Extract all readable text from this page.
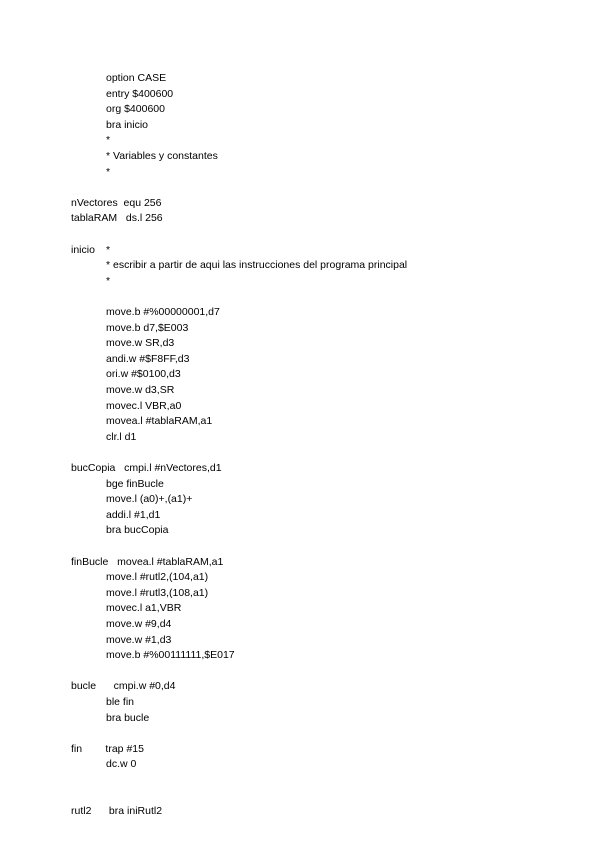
option CASE
entry $400600
org $400600
bra inicio
*
* Variables y constantes
*
nVectores  equ 256
tablaRAM   ds.l 256
inicio *
* escribir a partir de aqui las instrucciones del programa principal
*
move.b #%00000001,d7
move.b d7,$E003
move.w SR,d3
andi.w #$F8FF,d3
ori.w #$0100,d3
move.w d3,SR
movec.l VBR,a0
movea.l #tablaRAM,a1
clr.l d1
bucCopia   cmpi.l #nVectores,d1
bge finBucle
move.l (a0)+,(a1)+
addi.l #1,d1
bra bucCopia
finBucle   movea.l #tablaRAM,a1
move.l #rutl2,(104,a1)
move.l #rutl3,(108,a1)
movec.l a1,VBR
move.w #9,d4
move.w #1,d3
move.b #%00111111,$E017
bucle      cmpi.w #0,d4
ble fin
bra bucle
fin        trap #15
dc.w 0
rutl2      bra iniRutl2
